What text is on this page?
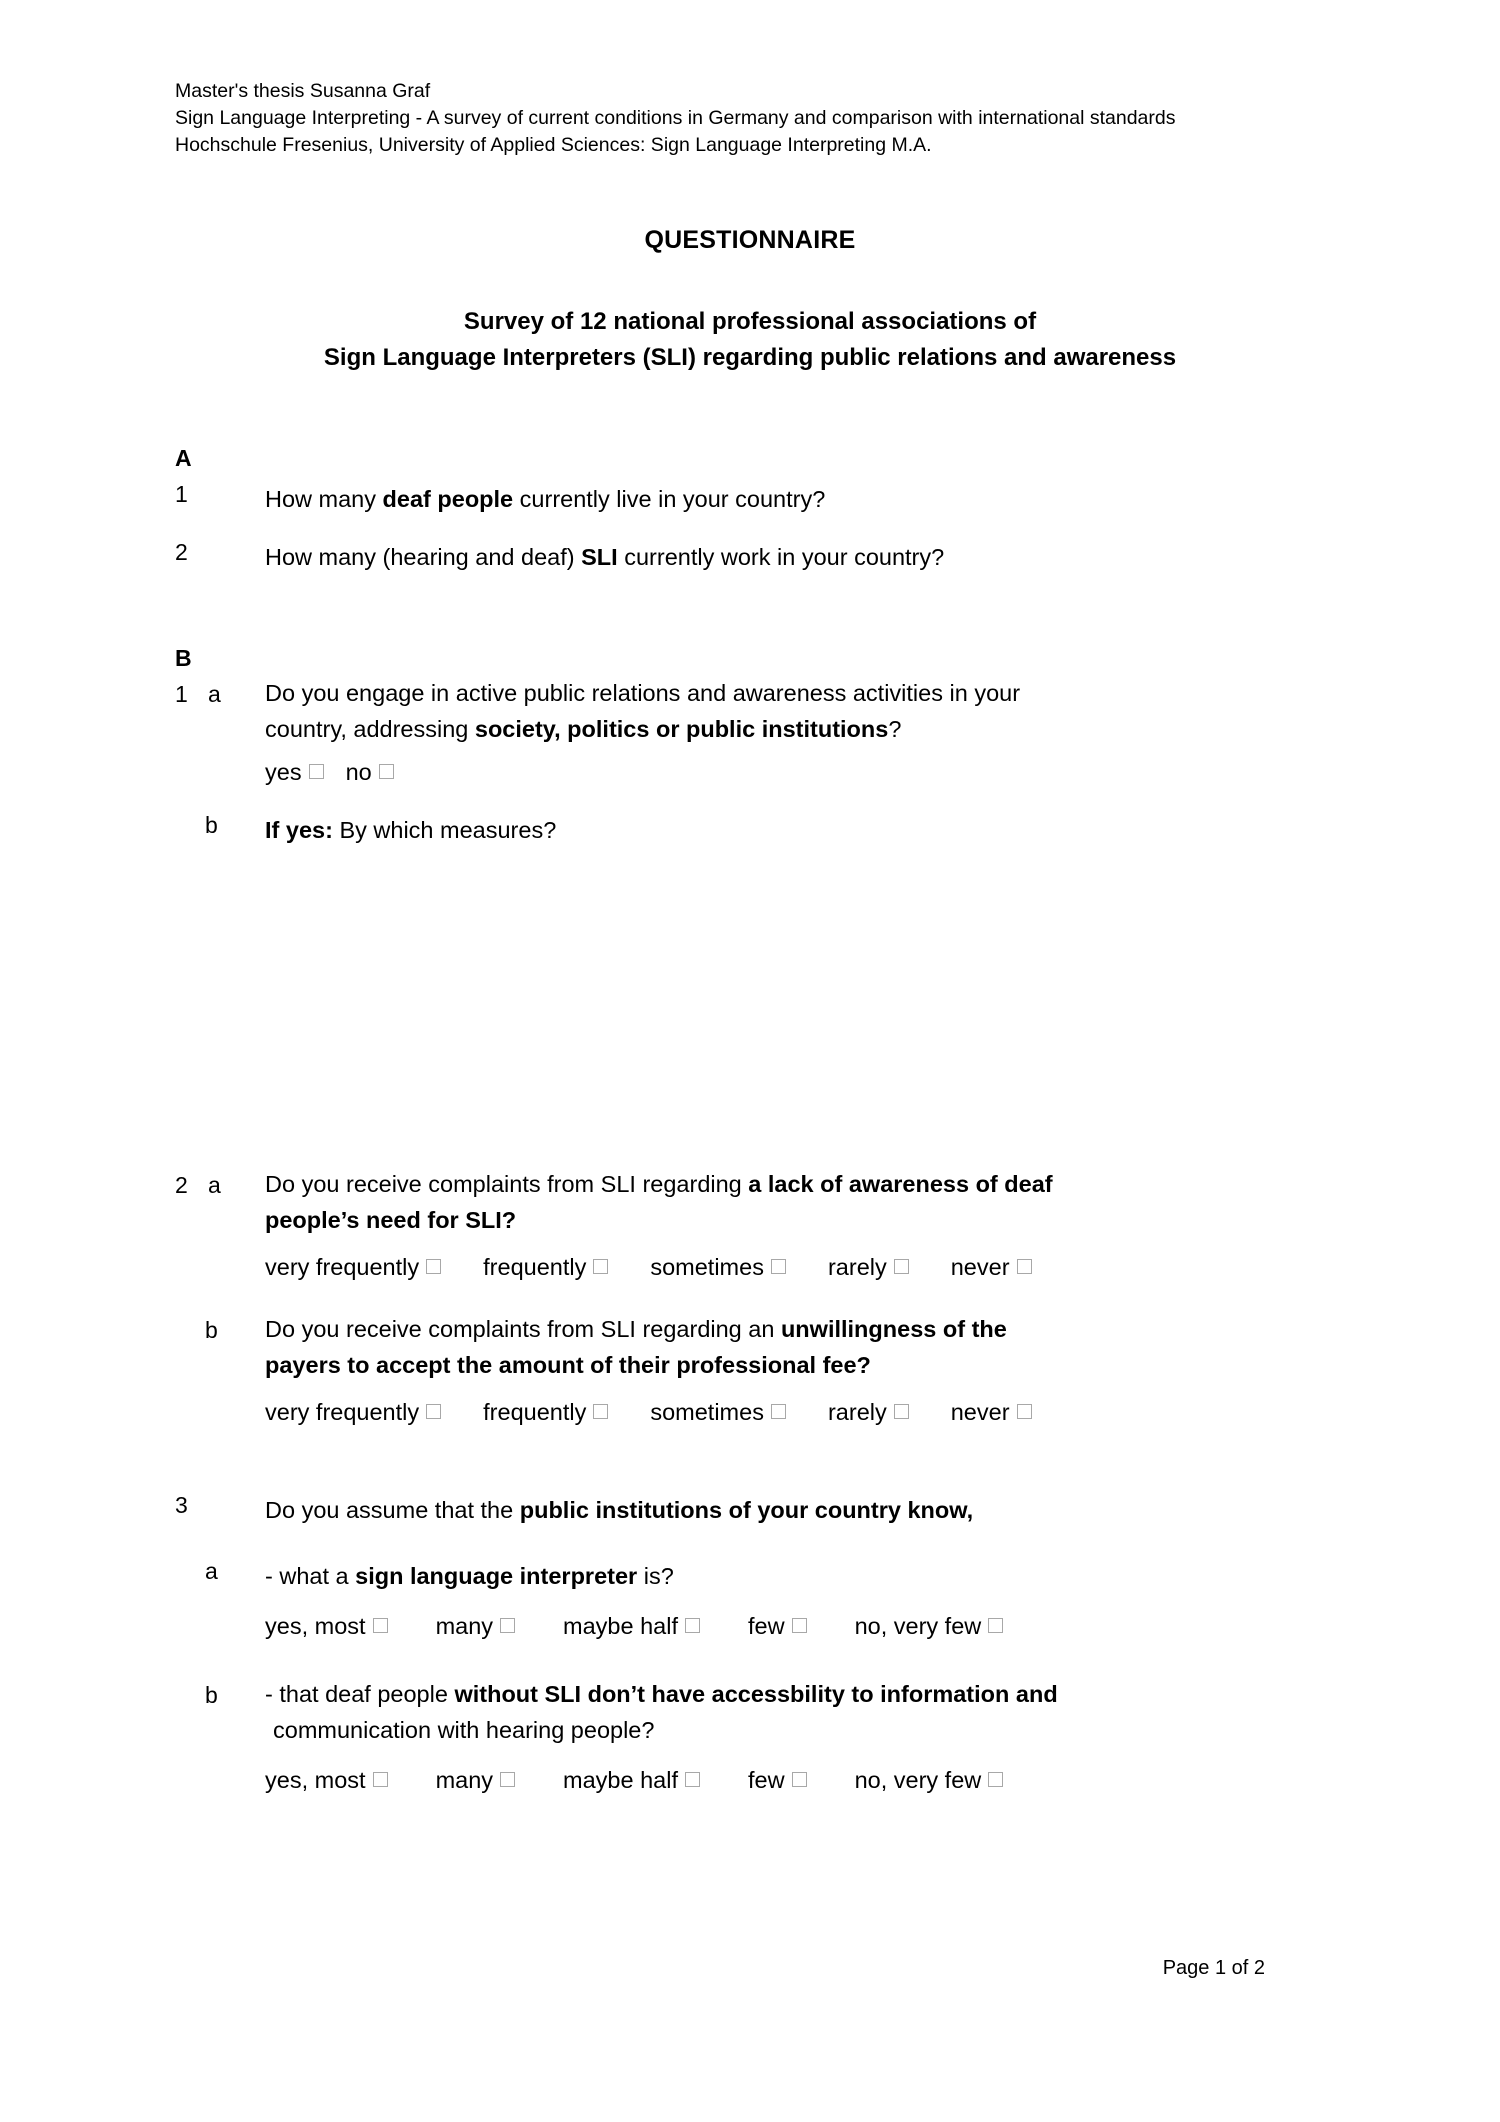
Master's thesis Susanna Graf
Sign Language Interpreting - A survey of current conditions in Germany and comparison with international standards
Hochschule Fresenius, University of Applied Sciences: Sign Language Interpreting M.A.
QUESTIONNAIRE
Survey of 12 national professional associations of
Sign Language Interpreters (SLI) regarding public relations and awareness
A
1	How many deaf people currently live in your country?
2	How many (hearing and deaf) SLI currently work in your country?
B
1 a Do you engage in active public relations and awareness activities in your
country, addressing society, politics or public institutions?
yes no
b If yes: By which measures?
2 a Do you receive complaints from SLI regarding a lack of awareness of deaf
people’s need for SLI?
very frequently	frequently	sometimes	rarely	never
b Do you receive complaints from SLI regarding an unwillingness of the
payers to accept the amount of their professional fee?
very frequently	frequently	sometimes	rarely	never
3	Do you assume that the public institutions of your country know,
a - what a sign language interpreter is?
yes, most	many	maybe half	few	no, very few
b - that deaf people without SLI don’t have accessbility to information and
communication with hearing people?
yes, most	many	maybe half	few	no, very few
Page 1 of 2
